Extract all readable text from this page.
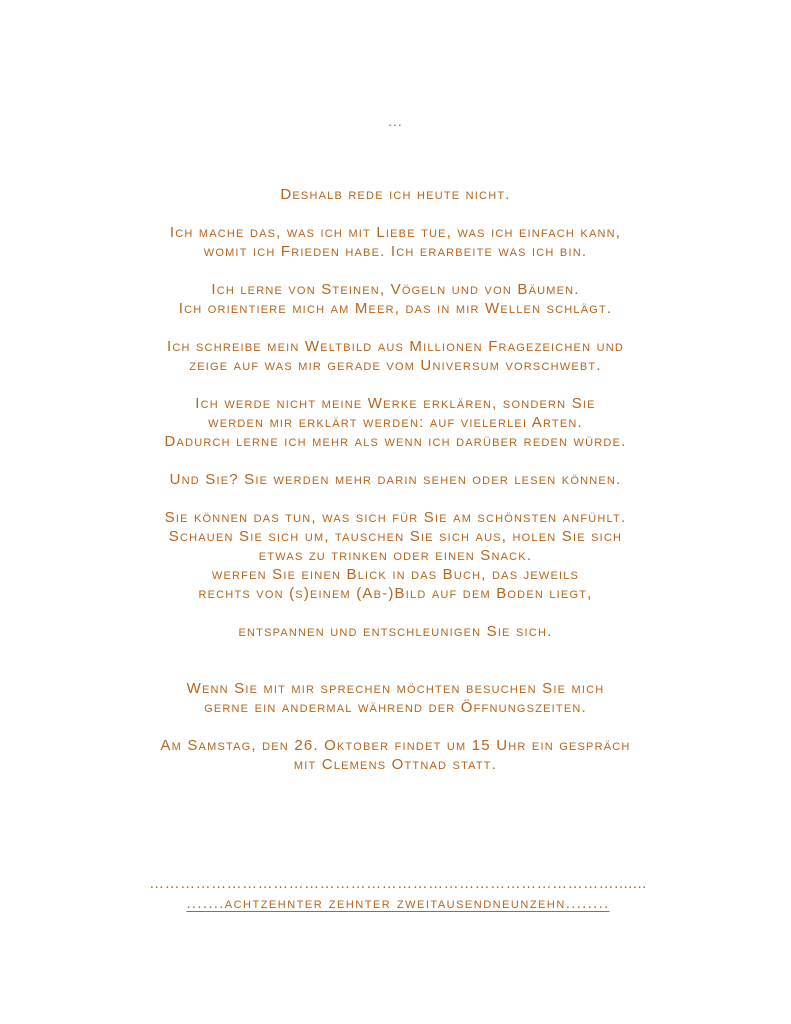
...

Deshalb rede ich heute nicht.

Ich mache das, was ich mit Liebe tue, was ich einfach kann,
womit ich Frieden habe. Ich erarbeite was ich bin.

Ich lerne von Steinen, Vögeln und von Bäumen.
Ich orientiere mich am Meer, das in mir Wellen schlägt.

Ich schreibe mein Weltbild aus Millionen Fragezeichen und
zeige auf was mir gerade vom Universum vorschwebt.

Ich werde nicht meine Werke erklären, sondern Sie
werden mir erklärt werden: auf vielerlei Arten.
Dadurch lerne ich mehr als wenn ich darüber reden würde.

Und Sie? Sie werden mehr darin sehen oder lesen können.

Sie können das tun, was sich für Sie am schönsten anfühlt.
Schauen Sie sich um, tauschen Sie sich aus, holen Sie sich
etwas zu trinken oder einen Snack.
werfen Sie einen Blick in das Buch, das jeweils
rechts von (s)einem (Ab-)Bild auf dem Boden liegt,

entspannen und entschleunigen Sie sich.

Wenn Sie mit mir sprechen möchten besuchen Sie mich
gerne ein andermal während der Öffnungszeiten.

Am Samstag, den 26. Oktober findet um 15 Uhr ein gespräch
mit Clemens Ottnad statt.

……………………………………………………………………………….......
.......achtzehnter zehnter zweitausendneunzehn........
